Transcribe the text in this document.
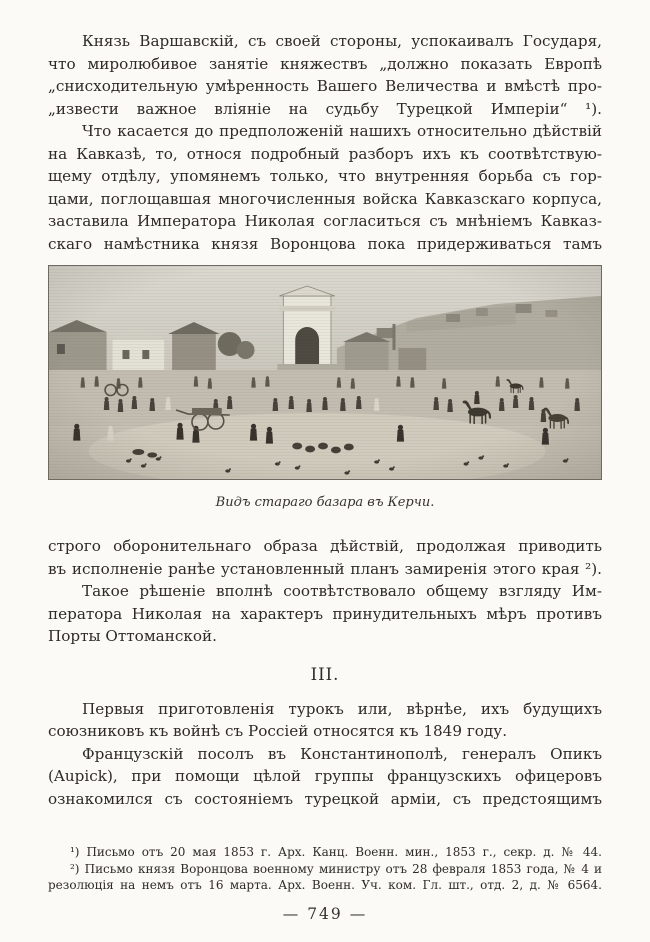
Князь Варшавскій, съ своей стороны, успокаивалъ Государя,
что миролюбивое занятіе княжествъ „должно показать Европѣ
„снисходительную умѣренность Вашего Величества и вмѣстѣ про-
„извести важное вліяніе на судьбу Турецкой Имперіи“ ¹).

Что касается до предположеній нашихъ относительно дѣйствій
на Кавказѣ, то, относя подробный разборъ ихъ къ соотвѣтствую-
щему отдѣлу, упомянемъ только, что внутренняя борьба съ гор-
цами, поглощавшая многочисленныя войска Кавказскаго корпуса,
заставила Императора Николая согласиться съ мнѣніемъ Кавказ-
скаго намѣстника князя Воронцова пока придерживаться тамъ

Видъ стараго базара въ Керчи.

строго оборонительнаго образа дѣйствій, продолжая приводить
въ исполненіе ранѣе установленный планъ замиренія этого края ²).

Такое рѣшеніе вполнѣ соотвѣтствовало общему взгляду Им-
ператора Николая на характеръ принудительныхъ мѣръ противъ
Порты Оттоманской.

III.

Первыя приготовленія турокъ или, вѣрнѣе, ихъ будущихъ
союзниковъ къ войнѣ съ Россіей относятся къ 1849 году.

Французскій посолъ въ Константинополѣ, генералъ Опикъ
(Aupick), при помощи цѣлой группы французскихъ офицеровъ
ознакомился съ состояніемъ турецкой арміи, съ предстоящимъ

¹) Письмо отъ 20 мая 1853 г. Арх. Канц. Военн. мин., 1853 г., секр. д. № 44.

²) Письмо князя Воронцова военному министру отъ 28 февраля 1853 года, № 4 и
резолюція на немъ отъ 16 марта. Арх. Военн. Уч. ком. Гл. шт., отд. 2, д. № 6564.

— 749 —
